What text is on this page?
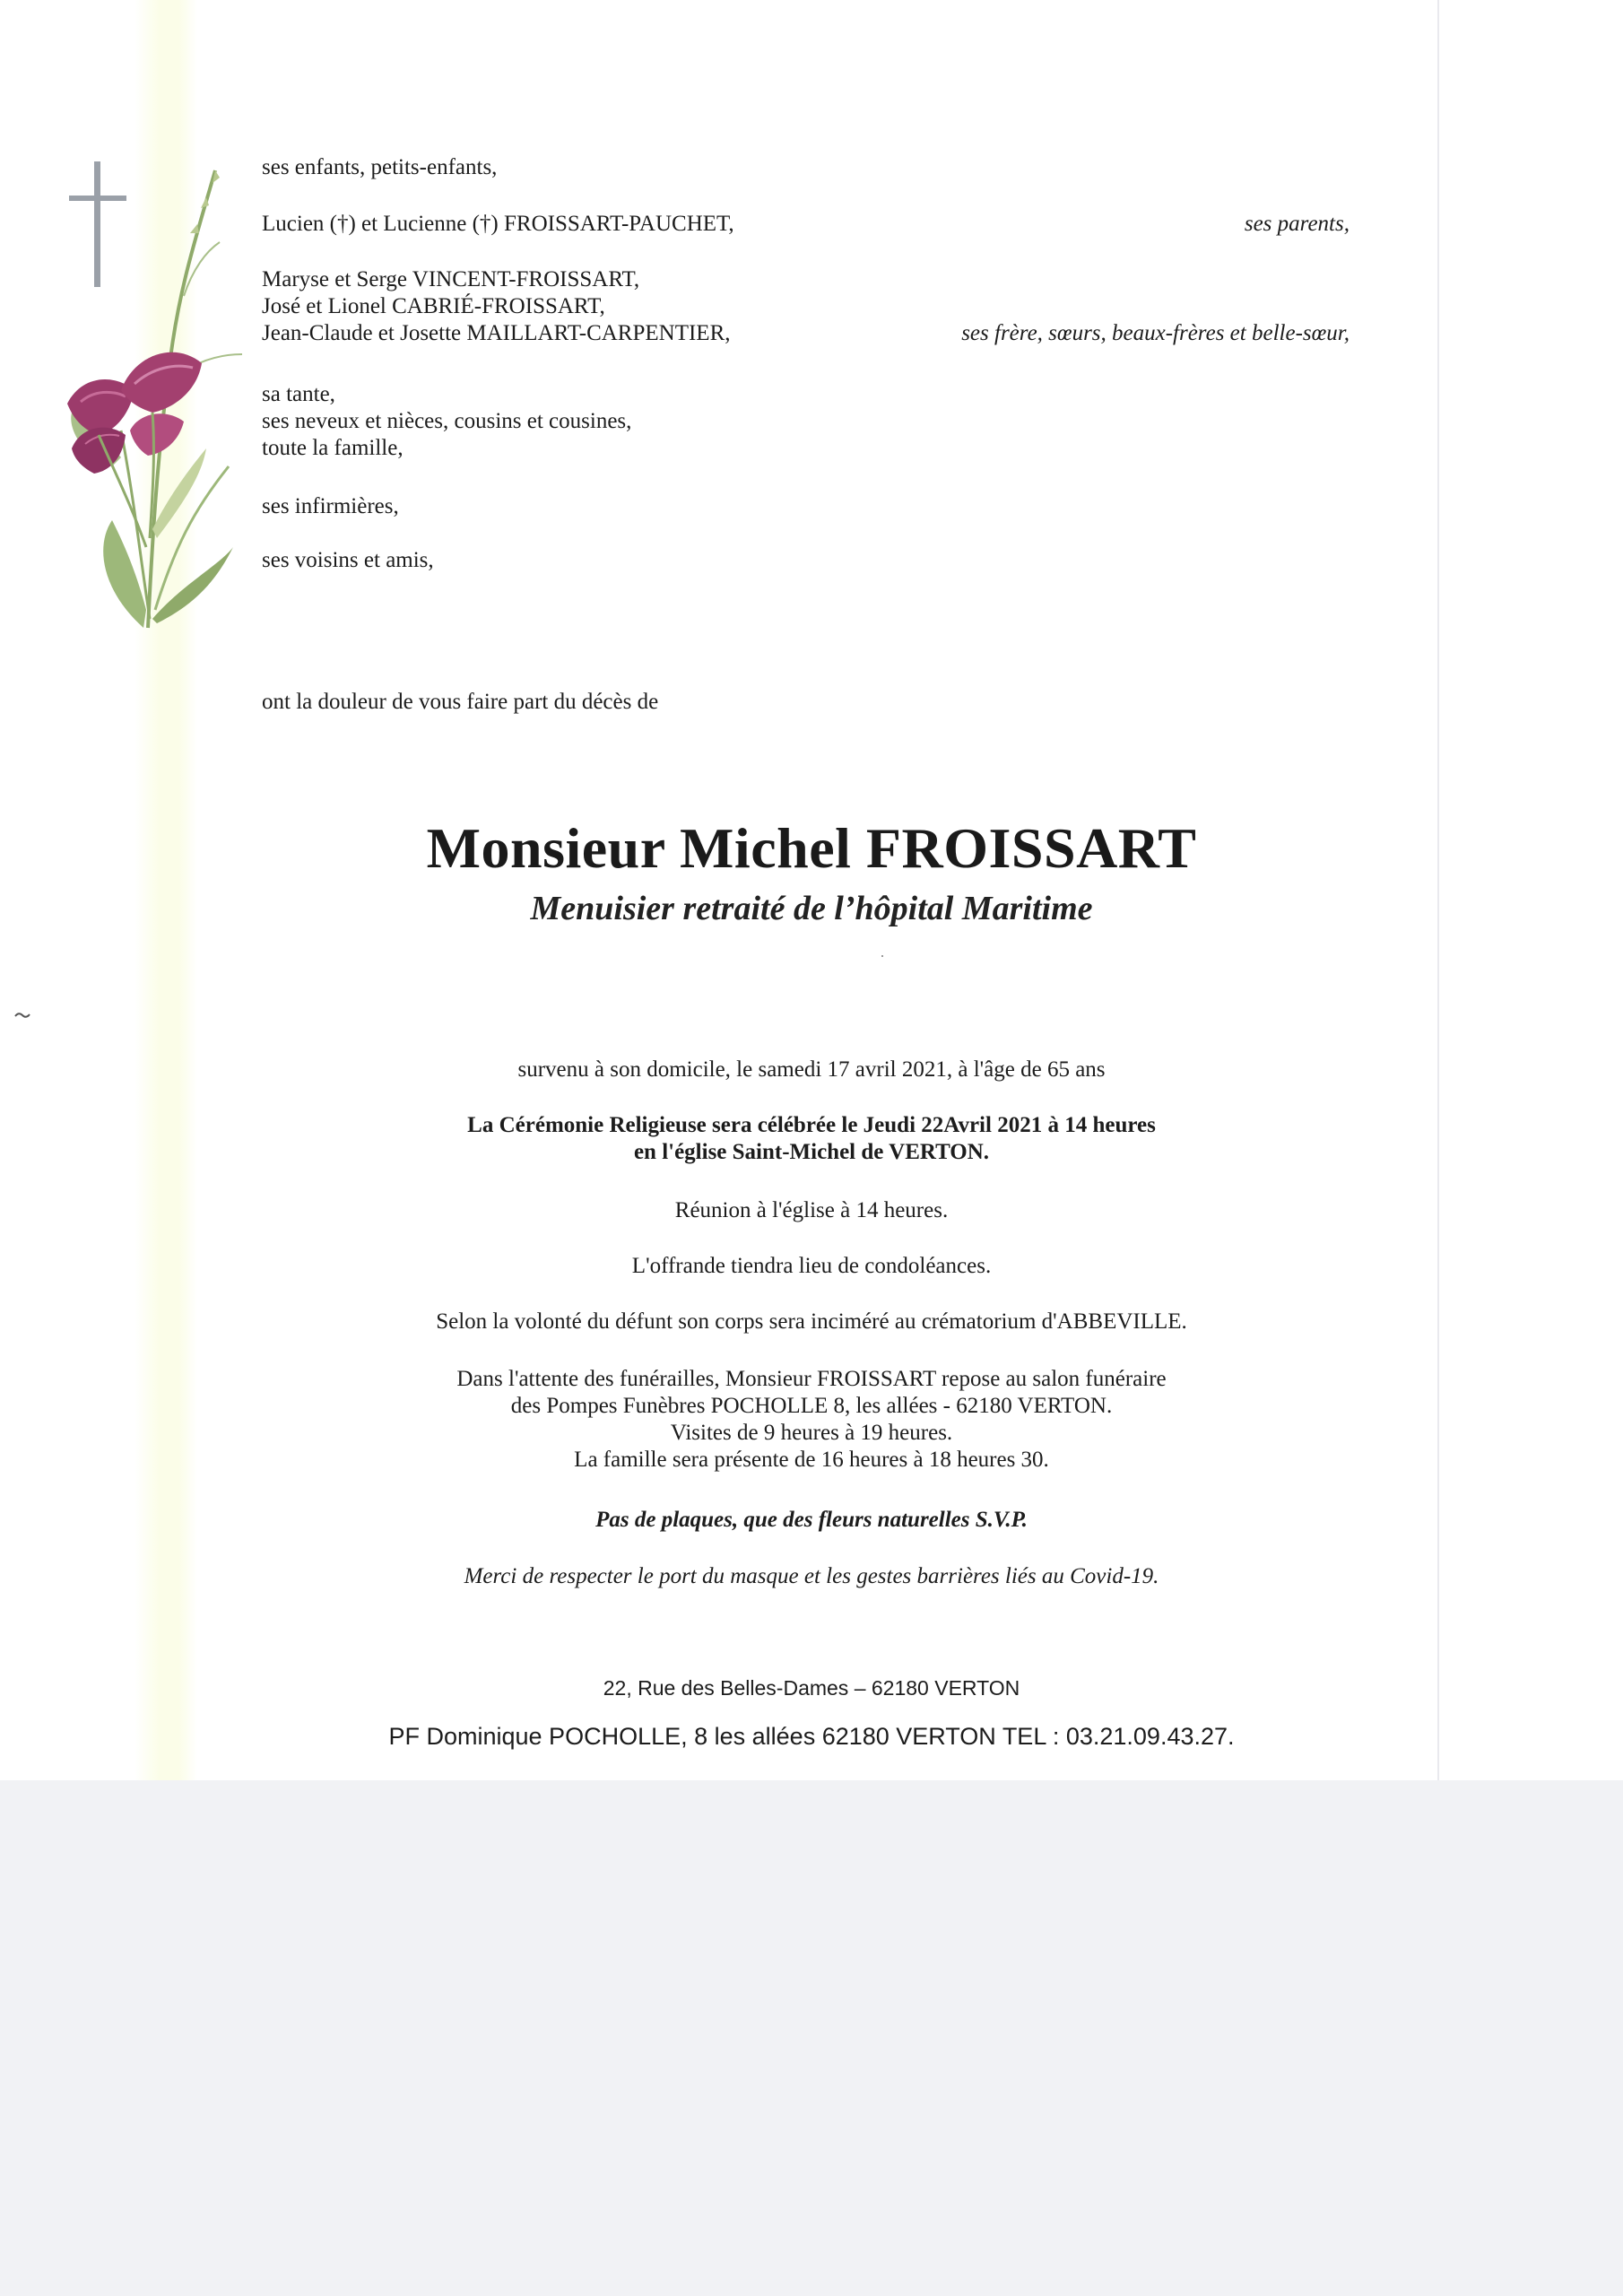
ses enfants, petits-enfants,
Lucien (†) et Lucienne (†) FROISSART-PAUCHET,	ses parents,
Maryse et Serge VINCENT-FROISSART,
José et Lionel CABRIÉ-FROISSART,
Jean-Claude et Josette MAILLART-CARPENTIER,	ses frère, sœurs, beaux-frères et belle-sœur,
sa tante,
ses neveux et nièces, cousins et cousines,
toute la famille,
ses infirmières,
ses voisins et amis,
ont la douleur de vous faire part du décès de
Monsieur Michel FROISSART
Menuisier retraité de l’hôpital Maritime
survenu à son domicile, le samedi 17 avril 2021, à l'âge de 65 ans
La Cérémonie Religieuse sera célébrée le Jeudi 22Avril 2021 à 14 heures
en l'église Saint-Michel de VERTON.
Réunion à l'église à 14 heures.
L'offrande tiendra lieu de condoléances.
Selon la volonté du défunt son corps sera inciméré au crématorium d'ABBEVILLE.
Dans l'attente des funérailles, Monsieur FROISSART repose au salon funéraire
des Pompes Funèbres POCHOLLE 8, les allées - 62180 VERTON.
Visites de 9 heures à 19 heures.
La famille sera présente de 16 heures à 18 heures 30.
Pas de plaques, que des fleurs naturelles S.V.P.
Merci de respecter le port du masque et les gestes barrières liés au Covid-19.
22, Rue des Belles-Dames – 62180 VERTON
PF Dominique POCHOLLE, 8 les allées 62180 VERTON TEL : 03.21.09.43.27.
